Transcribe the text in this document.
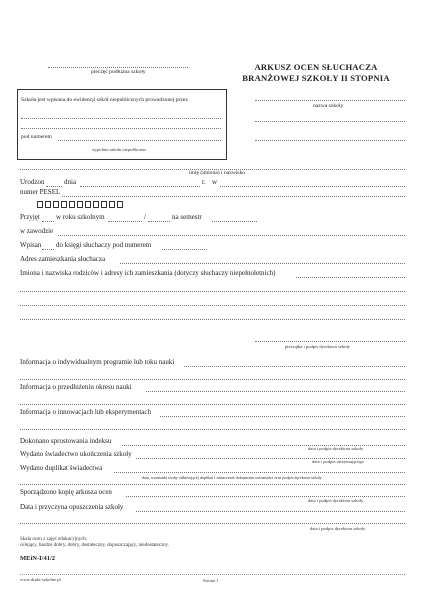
pieczęć podłużna szkoły	ARKUSZ OCEN SŁUCHACZA
BRANŻOWEJ SZKOŁY II STOPNIA
nazwa szkoły
Szkoła jest wpisana do ewidencji szkół niepublicznych prowadzonej przez
pod numerem
wypełnia szkoła niepubliczna
imię (imiona) i nazwisko
Urodzon	dnia	r. w
numer PESEL
Przyjęt w roku szkolnym	/	na semestr
w zawodzie
Wpisan do księgi słuchaczy pod numerem
Adres zamieszkania słuchacza
Imiona i nazwiska rodziców i adresy ich zamieszkania (dotyczy słuchaczy niepełnoletnich)
pieczątka i podpis dyrektora szkoły
Informacja o indywidualnym programie lub toku nauki
Informacja o przedłużeniu okresu nauki
Informacja o innowacjach lub eksperymentach
Dokonano sprostowania indeksu
data i podpis dyrektora szkoły
Wydano świadectwo ukończenia szkoły
data i podpis otrzymującego
Wydano duplikat świadectwa
data, wzmianki osoby odbierającej duplikat i oznaczenie dokumentu tożsamości oraz podpis dyrektora szkoły
Sporządzono kopię arkusza ocen
data i podpis dyrektora szkoły
Data i przyczyna opuszczenia szkoły
data i podpis dyrektora szkoły
Skala ocen z zajęć edukacyjnych:
celujący, bardzo dobry, dobry, dostateczny, dopuszczający, niedostateczny.
MEiN-I/41/2
www.druki-szkolne.pl	Strona 1
